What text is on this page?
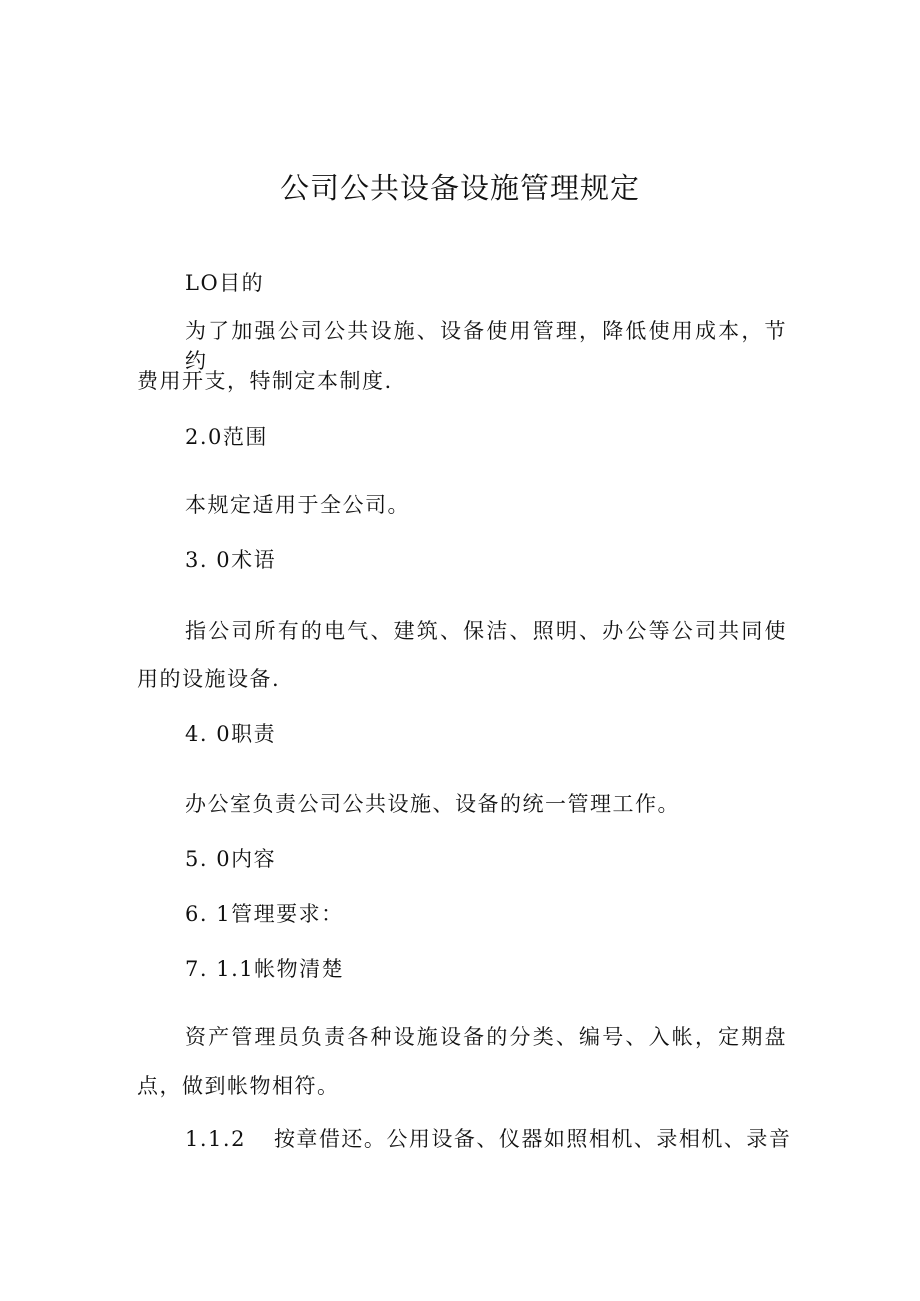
公司公共设备设施管理规定

LO目的

为了加强公司公共设施、设备使用管理，降低使用成本，节约

费用开支，特制定本制度.

2.0范围

本规定适用于全公司。

3. 0术语

指公司所有的电气、建筑、保洁、照明、办公等公司共同使

用的设施设备.

4. 0职责

办公室负责公司公共设施、设备的统一管理工作。

5. 0内容

6. 1管理要求：

7. 1.1帐物清楚

资产管理员负责各种设施设备的分类、编号、入帐，定期盘

点，做到帐物相符。

1.1.2 按章借还。公用设备、仪器如照相机、录相机、录音
